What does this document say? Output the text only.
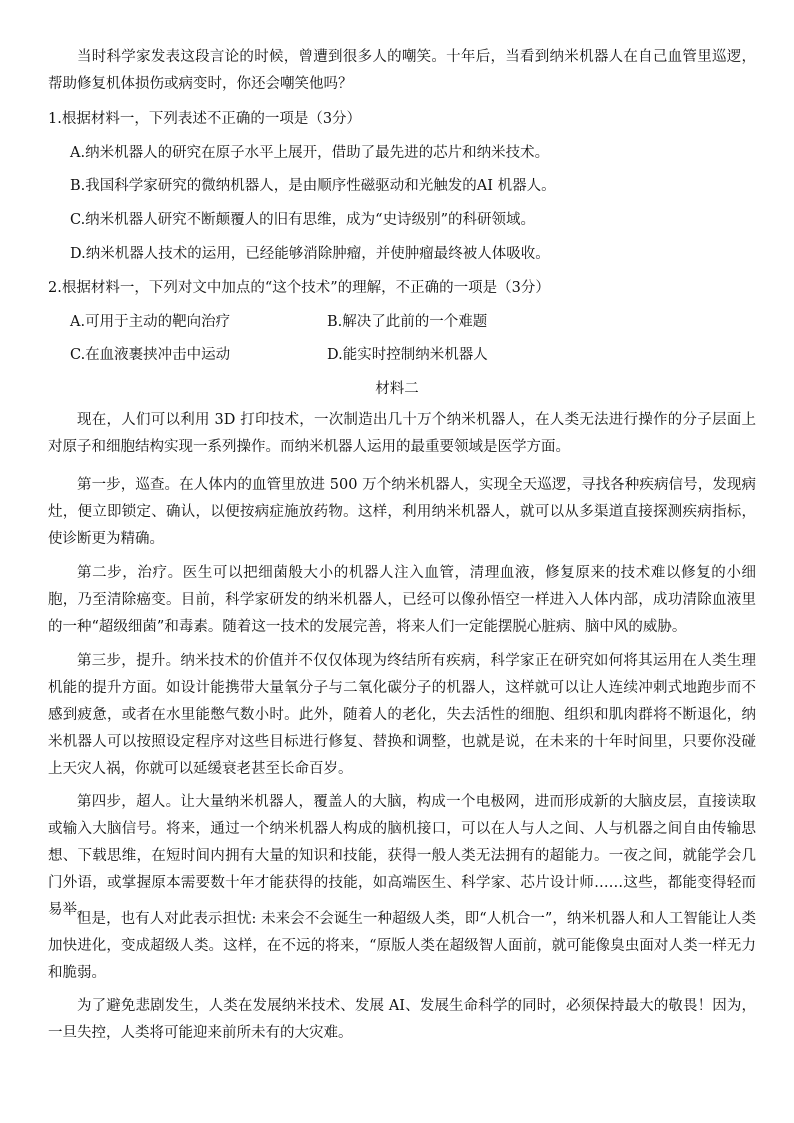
当时科学家发表这段言论的时候，曾遭到很多人的嘲笑。十年后，当看到纳米机器人在自己血管里巡逻，帮助修复机体损伤或病变时，你还会嘲笑他吗？

1.根据材料一，下列表述不正确的一项是（3分）

A.纳米机器人的研究在原子水平上展开，借助了最先进的芯片和纳米技术。

B.我国科学家研究的微纳机器人，是由顺序性磁驱动和光触发的AI 机器人。

C.纳米机器人研究不断颠覆人的旧有思维，成为“史诗级别”的科研领域。

D.纳米机器人技术的运用，已经能够消除肿瘤，并使肿瘤最终被人体吸收。

2.根据材料一，下列对文中加点的“这个技术”的理解，不正确的一项是（3分）

A.可用于主动的靶向治疗	B.解决了此前的一个难题

C.在血液裹挟冲击中运动	D.能实时控制纳米机器人

材料二

现在，人们可以利用 3D 打印技术，一次制造出几十万个纳米机器人，在人类无法进行操作的分子层面上对原子和细胞结构实现一系列操作。而纳米机器人运用的最重要领域是医学方面。

第一步，巡查。在人体内的血管里放进 500 万个纳米机器人，实现全天巡逻，寻找各种疾病信号，发现病灶，便立即锁定、确认，以便按病症施放药物。这样，利用纳米机器人，就可以从多渠道直接探测疾病指标，使诊断更为精确。

第二步，治疗。医生可以把细菌般大小的机器人注入血管，清理血液，修复原来的技术难以修复的小细胞，乃至清除癌变。目前，科学家研发的纳米机器人，已经可以像孙悟空一样进入人体内部，成功清除血液里的一种“超级细菌”和毒素。随着这一技术的发展完善，将来人们一定能摆脱心脏病、脑中风的威胁。

第三步，提升。纳米技术的价值并不仅仅体现为终结所有疾病，科学家正在研究如何将其运用在人类生理机能的提升方面。如设计能携带大量氧分子与二氧化碳分子的机器人，这样就可以让人连续冲刺式地跑步而不感到疲惫，或者在水里能憋气数小时。此外，随着人的老化，失去活性的细胞、组织和肌肉群将不断退化，纳米机器人可以按照设定程序对这些目标进行修复、替换和调整，也就是说，在未来的十年时间里，只要你没碰上天灾人祸，你就可以延缓衰老甚至长命百岁。

第四步，超人。让大量纳米机器人，覆盖人的大脑，构成一个电极网，进而形成新的大脑皮层，直接读取或输入大脑信号。将来，通过一个纳米机器人构成的脑机接口，可以在人与人之间、人与机器之间自由传输思想、下载思维，在短时间内拥有大量的知识和技能，获得一般人类无法拥有的超能力。一夜之间，就能学会几门外语，或掌握原本需要数十年才能获得的技能，如高端医生、科学家、芯片设计师……这些，都能变得轻而易举。

但是，也有人对此表示担忧: 未来会不会诞生一种超级人类，即“人机合一”，纳米机器人和人工智能让人类加快进化，变成超级人类。这样，在不远的将来，“原版人类在超级智人面前，就可能像臭虫面对人类一样无力和脆弱。

为了避免悲剧发生，人类在发展纳米技术、发展 AI、发展生命科学的同时，必须保持最大的敬畏！因为，一旦失控，人类将可能迎来前所未有的大灾难。
